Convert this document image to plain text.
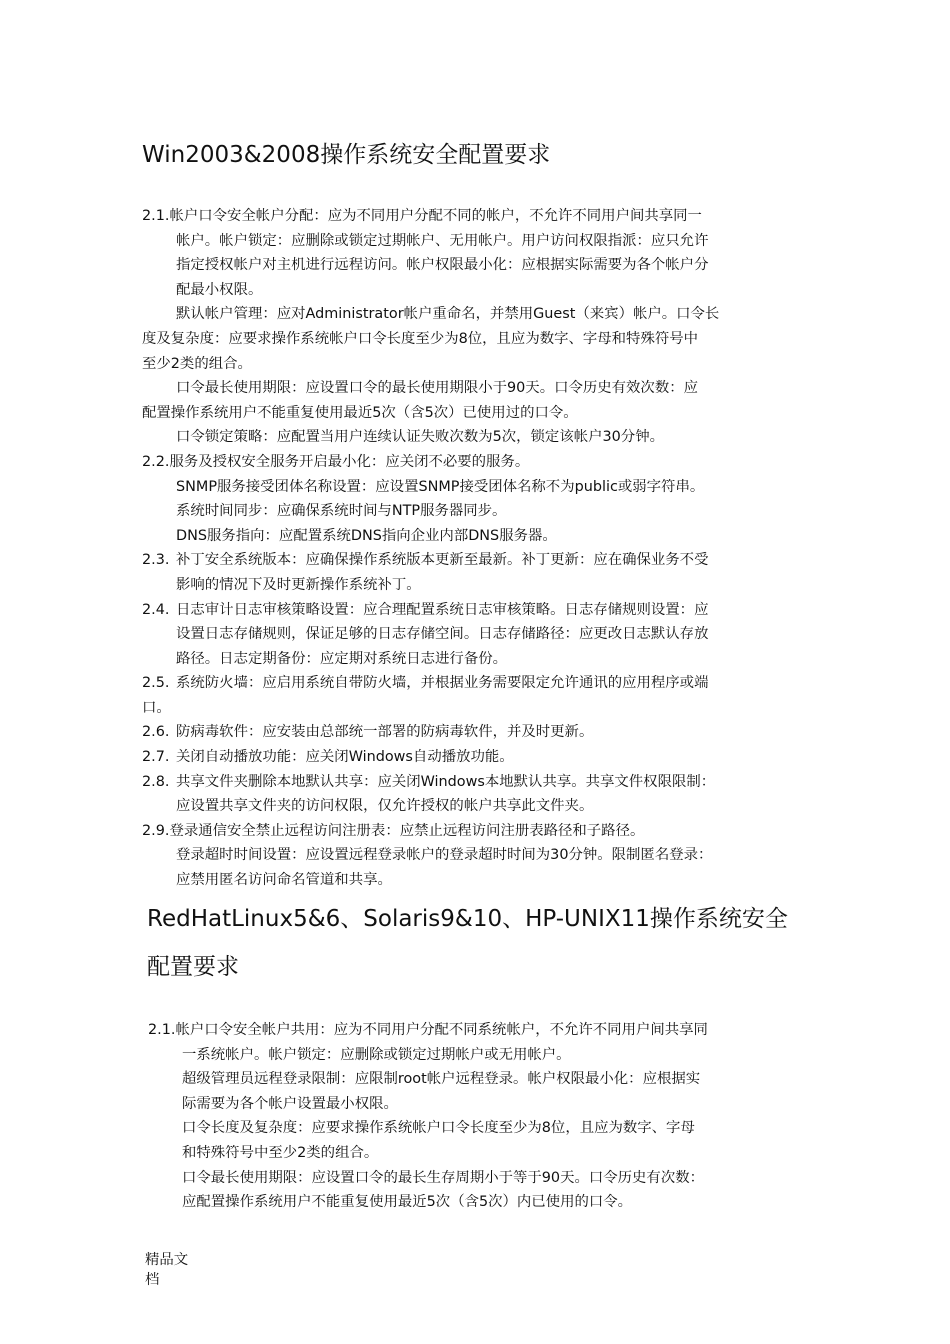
Win2003&2008操作系统安全配置要求
2.1.帐户口令安全帐户分配：应为不同用户分配不同的帐户，不允许不同用户间共享同一
帐户。帐户锁定：应删除或锁定过期帐户、无用帐户。用户访问权限指派：应只允许
指定授权帐户对主机进行远程访问。帐户权限最小化：应根据实际需要为各个帐户分
配最小权限。
默认帐户管理：应对Administrator帐户重命名，并禁用Guest（来宾）帐户。口令长
度及复杂度：应要求操作系统帐户口令长度至少为8位，且应为数字、字母和特殊符号中
至少2类的组合。
口令最长使用期限：应设置口令的最长使用期限小于90天。口令历史有效次数：应
配置操作系统用户不能重复使用最近5次（含5次）已使用过的口令。
口令锁定策略：应配置当用户连续认证失败次数为5次，锁定该帐户30分钟。
2.2.服务及授权安全服务开启最小化：应关闭不必要的服务。
SNMP服务接受团体名称设置：应设置SNMP接受团体名称不为public或弱字符串。
系统时间同步：应确保系统时间与NTP服务器同步。
DNS服务指向：应配置系统DNS指向企业内部DNS服务器。
2.3. 补丁安全系统版本：应确保操作系统版本更新至最新。补丁更新：应在确保业务不受
影响的情况下及时更新操作系统补丁。
2.4. 日志审计日志审核策略设置：应合理配置系统日志审核策略。日志存储规则设置：应
设置日志存储规则，保证足够的日志存储空间。日志存储路径：应更改日志默认存放
路径。日志定期备份：应定期对系统日志进行备份。
2.5. 系统防火墙：应启用系统自带防火墙，并根据业务需要限定允许通讯的应用程序或端
口。
2.6. 防病毒软件：应安装由总部统一部署的防病毒软件，并及时更新。
2.7. 关闭自动播放功能：应关闭Windows自动播放功能。
2.8. 共享文件夹删除本地默认共享：应关闭Windows本地默认共享。共享文件权限限制：
应设置共享文件夹的访问权限，仅允许授权的帐户共享此文件夹。
2.9.登录通信安全禁止远程访问注册表：应禁止远程访问注册表路径和子路径。
登录超时时间设置：应设置远程登录帐户的登录超时时间为30分钟。限制匿名登录：
应禁用匿名访问命名管道和共享。
RedHatLinux5&6、Solaris9&10、HP-UNIX11操作系统安全
配置要求
2.1.帐户口令安全帐户共用：应为不同用户分配不同系统帐户，不允许不同用户间共享同
一系统帐户。帐户锁定：应删除或锁定过期帐户或无用帐户。
超级管理员远程登录限制：应限制root帐户远程登录。帐户权限最小化：应根据实
际需要为各个帐户设置最小权限。
口令长度及复杂度：应要求操作系统帐户口令长度至少为8位，且应为数字、字母
和特殊符号中至少2类的组合。
口令最长使用期限：应设置口令的最长生存周期小于等于90天。口令历史有次数：
应配置操作系统用户不能重复使用最近5次（含5次）内已使用的口令。
精品文
档
